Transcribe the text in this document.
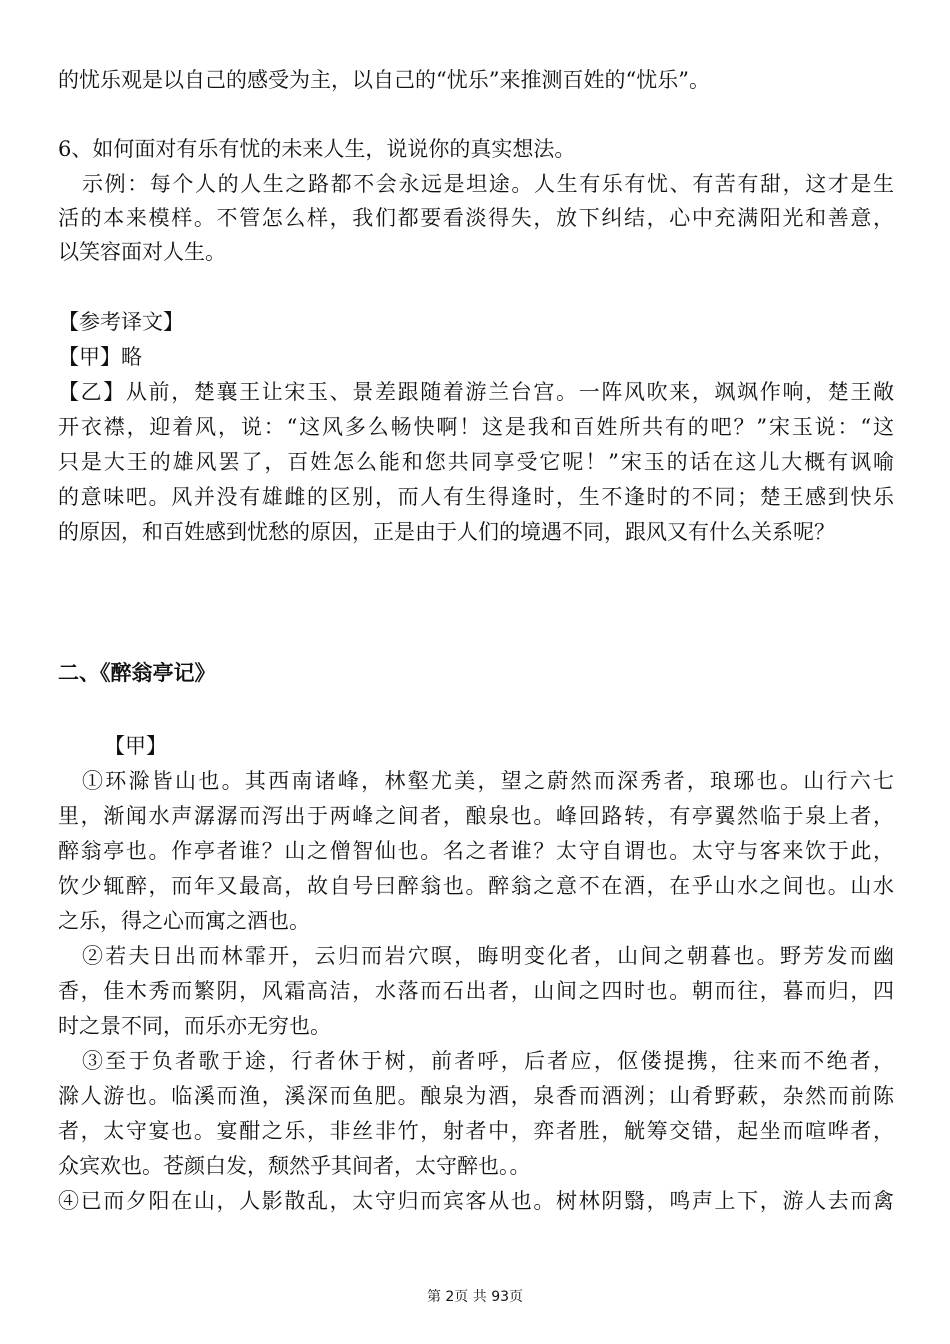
的忧乐观是以自己的感受为主，以自己的“忧乐”来推测百姓的“忧乐”。
6、如何面对有乐有忧的未来人生，说说你的真实想法。
示例：每个人的人生之路都不会永远是坦途。人生有乐有忧、有苦有甜，这才是生
活的本来模样。不管怎么样，我们都要看淡得失，放下纠结，心中充满阳光和善意，
以笑容面对人生。
【参考译文】
【甲】略
【乙】从前，楚襄王让宋玉、景差跟随着游兰台宫。一阵风吹来，飒飒作响，楚王敞
开衣襟，迎着风，说：“这风多么畅快啊！这是我和百姓所共有的吧？”宋玉说：“这
只是大王的雄风罢了，百姓怎么能和您共同享受它呢！”宋玉的话在这儿大概有讽喻
的意味吧。风并没有雄雌的区别，而人有生得逢时，生不逢时的不同；楚王感到快乐
的原因，和百姓感到忧愁的原因，正是由于人们的境遇不同，跟风又有什么关系呢？
二、《醉翁亭记》
【甲】
①环滁皆山也。其西南诸峰，林壑尤美，望之蔚然而深秀者，琅琊也。山行六七
里，渐闻水声潺潺而泻出于两峰之间者，酿泉也。峰回路转，有亭翼然临于泉上者，
醉翁亭也。作亭者谁？山之僧智仙也。名之者谁？太守自谓也。太守与客来饮于此，
饮少辄醉，而年又最高，故自号曰醉翁也。醉翁之意不在酒，在乎山水之间也。山水
之乐，得之心而寓之酒也。
②若夫日出而林霏开，云归而岩穴暝，晦明变化者，山间之朝暮也。野芳发而幽
香，佳木秀而繁阴，风霜高洁，水落而石出者，山间之四时也。朝而往，暮而归，四
时之景不同，而乐亦无穷也。
③至于负者歌于途，行者休于树，前者呼，后者应，伛偻提携，往来而不绝者，
滁人游也。临溪而渔，溪深而鱼肥。酿泉为酒，泉香而酒洌；山肴野蔌，杂然而前陈
者，太守宴也。宴酣之乐，非丝非竹，射者中，弈者胜，觥筹交错，起坐而喧哗者，
众宾欢也。苍颜白发，颓然乎其间者，太守醉也。。
④已而夕阳在山，人影散乱，太守归而宾客从也。树林阴翳，鸣声上下，游人去而禽
第 2页 共 93页
